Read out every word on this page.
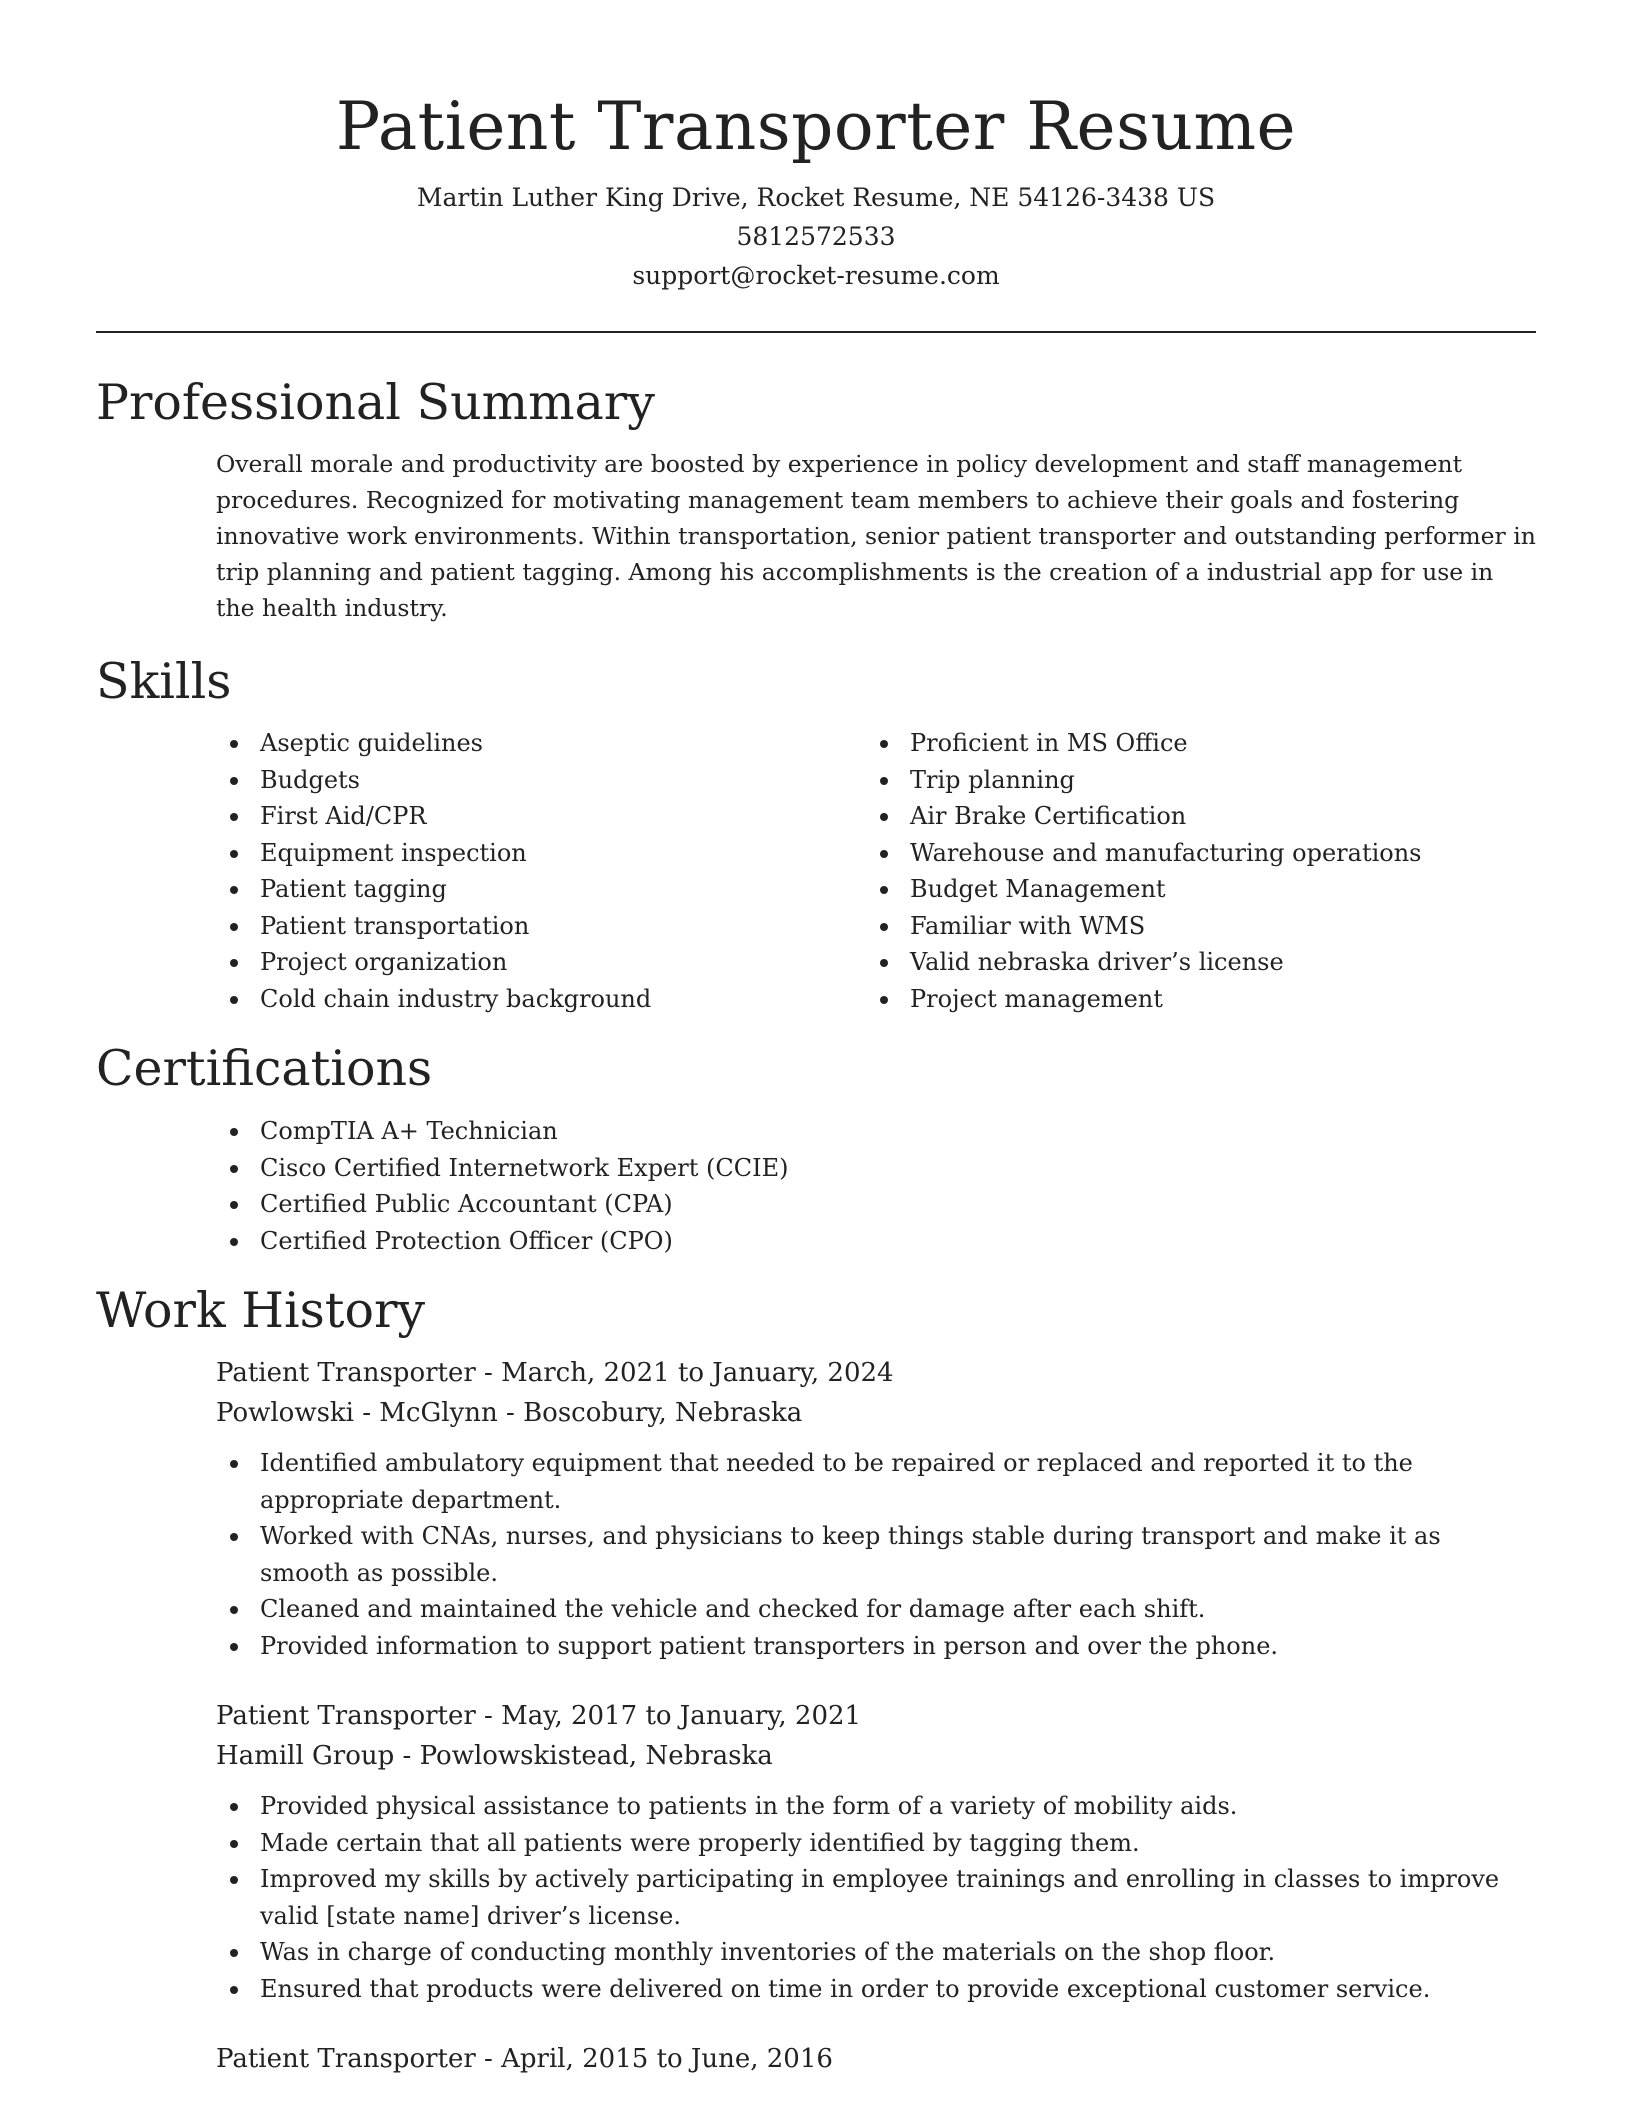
Patient Transporter Resume

Martin Luther King Drive, Rocket Resume, NE 54126-3438 US

5812572533

support@rocket-resume.com

Professional Summary

Overall morale and productivity are boosted by experience in policy development and staff management procedures. Recognized for motivating management team members to achieve their goals and fostering innovative work environments. Within transportation, senior patient transporter and outstanding performer in trip planning and patient tagging. Among his accomplishments is the creation of a industrial app for use in the health industry.

Skills
Aseptic guidelines
Budgets
First Aid/CPR
Equipment inspection
Patient tagging
Patient transportation
Project organization
Cold chain industry background
Proficient in MS Office
Trip planning
Air Brake Certification
Warehouse and manufacturing operations
Budget Management
Familiar with WMS
Valid nebraska driver’s license
Project management
Certifications
CompTIA A+ Technician
Cisco Certified Internetwork Expert (CCIE)
Certified Public Accountant (CPA)
Certified Protection Officer (CPO)
Work History

Patient Transporter - March, 2021 to January, 2024

Powlowski - McGlynn - Boscobury, Nebraska

Identified ambulatory equipment that needed to be repaired or replaced and reported it to the appropriate department.
Worked with CNAs, nurses, and physicians to keep things stable during transport and make it as smooth as possible.
Cleaned and maintained the vehicle and checked for damage after each shift.
Provided information to support patient transporters in person and over the phone.

Patient Transporter - May, 2017 to January, 2021

Hamill Group - Powlowskistead, Nebraska

Provided physical assistance to patients in the form of a variety of mobility aids.
Made certain that all patients were properly identified by tagging them.
Improved my skills by actively participating in employee trainings and enrolling in classes to improve valid [state name] driver’s license.
Was in charge of conducting monthly inventories of the materials on the shop floor.
Ensured that products were delivered on time in order to provide exceptional customer service.

Patient Transporter - April, 2015 to June, 2016
